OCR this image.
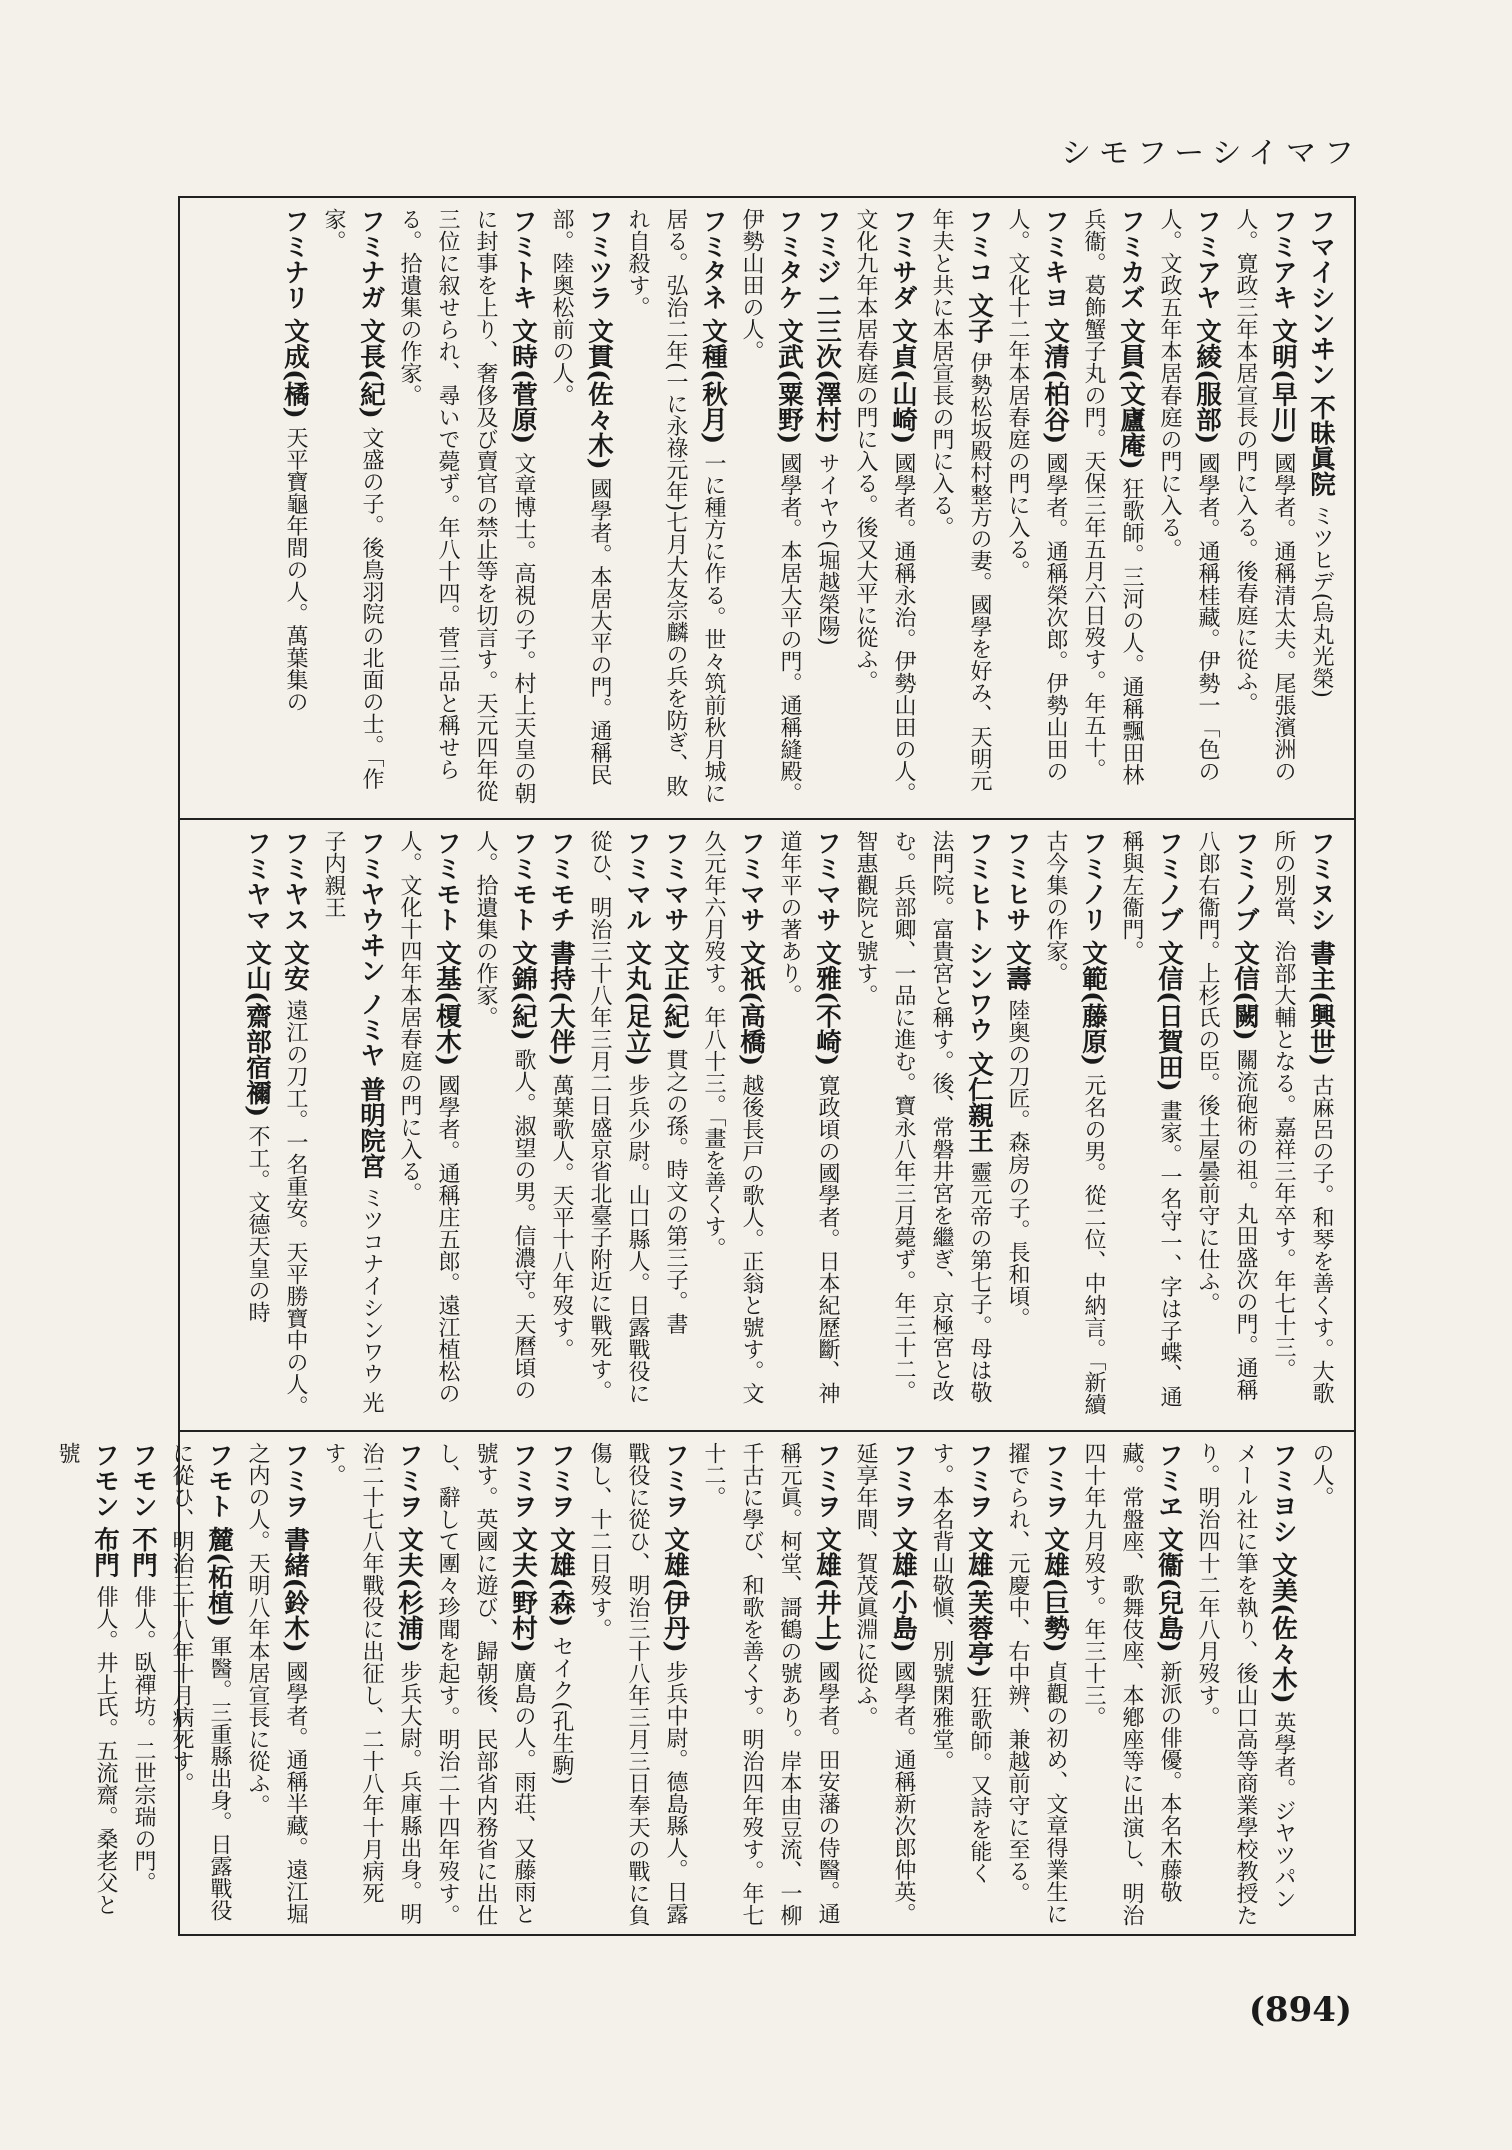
シモフーシイマフ

フマイシンヰン 不昧眞院 ミツヒデ(烏丸光榮)

フミアキ 文明(早川) 國學者。通稱清太夫。尾張濱洲の人。寛政三年本居宣長の門に入る。後春庭に從ふ。

フミアヤ 文綾(服部) 國學者。通稱桂藏。伊勢一「色の人。文政五年本居春庭の門に入る。

フミカズ 文員(文廬庵) 狂歌師。三河の人。通稱飄田林兵衞。葛飾蟹子丸の門。天保三年五月六日歿す。年五十。

フミキヨ 文清(柏谷) 國學者。通稱榮次郎。伊勢山田の人。文化十二年本居春庭の門に入る。

フミコ 文子 伊勢松坂殿村整方の妻。國學を好み、天明元年夫と共に本居宣長の門に入る。

フミサダ 文貞(山崎) 國學者。通稱永治。伊勢山田の人。文化九年本居春庭の門に入る。後又大平に從ふ。

フミジ 二三次(澤村) サイヤウ(堀越榮陽)

フミタケ 文武(粟野) 國學者。本居大平の門。通稱縫殿。伊勢山田の人。

フミタネ 文種(秋月) 一に種方に作る。世々筑前秋月城に居る。弘治二年(一に永祿元年)七月大友宗麟の兵を防ぎ、敗れ自殺す。

フミツラ 文貫(佐々木) 國學者。本居大平の門。通稱民部。陸奥松前の人。

フミトキ 文時(菅原) 文章博士。高視の子。村上天皇の朝に封事を上り、奢侈及び賣官の禁止等を切言す。天元四年從三位に叙せられ、尋いで薨ず。年八十四。菅三品と稱せらる。拾遺集の作家。

フミナガ 文長(紀) 文盛の子。後鳥羽院の北面の士。「作家。

フミナリ 文成(橘) 天平寶龜年間の人。萬葉集の

フミヌシ 書主(興世) 古麻呂の子。和琴を善くす。大歌所の別當、治部大輔となる。嘉祥三年卒す。年七十三。

フミノブ 文信(闕) 關流砲術の祖。丸田盛次の門。通稱八郎右衞門。上杉氏の臣。後土屋曇前守に仕ふ。

フミノブ 文信(日賀田) 畫家。一名守一、字は子蝶、通稱與左衞門。

フミノリ 文範(藤原) 元名の男。從二位、中納言。「新續古今集の作家。

フミヒサ 文壽 陸奥の刀匠。森房の子。長和頃。

フミヒト シンワウ 文仁親王 靈元帝の第七子。母は敬法門院。富貴宮と稱す。後、常磐井宮を繼ぎ、京極宮と改む。兵部卿、一品に進む。寶永八年三月薨ず。年三十二。智惠觀院と號す。

フミマサ 文雅(不崎) 寛政頃の國學者。日本紀歷斷、神道年平の著あり。

フミマサ 文祇(高橋) 越後長戸の歌人。正翁と號す。文久元年六月歿す。年八十三。「畫を善くす。

フミマサ 文正(紀) 貫之の孫。時文の第三子。書

フミマル 文丸(足立) 步兵少尉。山口縣人。日露戰役に從ひ、明治三十八年三月二日盛京省北臺子附近に戰死す。

フミモチ 書持(大伴) 萬葉歌人。天平十八年歿す。

フミモト 文錦(紀) 歌人。淑望の男。信濃守。天曆頃の人。拾遺集の作家。

フミモト 文基(榎木) 國學者。通稱庄五郎。遠江植松の人。文化十四年本居春庭の門に入る。

フミヤウヰン ノミヤ 普明院宮 ミツコナイシンワウ 光子内親王

フミヤス 文安 遠江の刀工。一名重安。天平勝寶中の人。

フミヤマ 文山(齋部宿禰) 不工。文德天皇の時

の人。

フミヨシ 文美(佐々木) 英學者。ジヤツパンメール社に筆を執り、後山口高等商業學校教授たり。明治四十二年八月歿す。

フミヱ 文衞(兒島) 新派の俳優。本名木藤敬藏。常盤座、歌舞伎座、本鄕座等に出演し、明治四十年九月歿す。年三十三。

フミヲ 文雄(巨勢) 貞觀の初め、文章得業生に擢でられ、元慶中、右中辨、兼越前守に至る。

フミヲ 文雄(芙蓉亭) 狂歌師。又詩を能くす。本名背山敬愼、別號閑雅堂。

フミヲ 文雄(小島) 國學者。通稱新次郎仲英。延享年間、賀茂眞淵に從ふ。

フミヲ 文雄(井上) 國學者。田安藩の侍醫。通稱元眞。柯堂、謌鶴の號あり。岸本由豆流、一柳千古に學び、和歌を善くす。明治四年歿す。年七十二。

フミヲ 文雄(伊丹) 步兵中尉。德島縣人。日露戰役に從ひ、明治三十八年三月三日奉天の戰に負傷し、十二日歿す。

フミヲ 文雄(森) セイク(孔生駒)

フミヲ 文夫(野村) 廣島の人。雨荘、又藤雨と號す。英國に遊び、歸朝後、民部省内務省に出仕し、辭して團々珍聞を起す。明治二十四年歿す。

フミヲ 文夫(杉浦) 步兵大尉。兵庫縣出身。明治二十七八年戰役に出征し、二十八年十月病死す。

フミヲ 書緒(鈴木) 國學者。通稱半藏。遠江堀之内の人。天明八年本居宣長に從ふ。

フモト 麓(柘植) 軍醫。三重縣出身。日露戰役に從ひ、明治三十八年十月病死す。

フモン 不門 俳人。臥禪坊。二世宗瑞の門。

フモン 布門 俳人。井上氏。五流齋。桑老父と號

(894)
